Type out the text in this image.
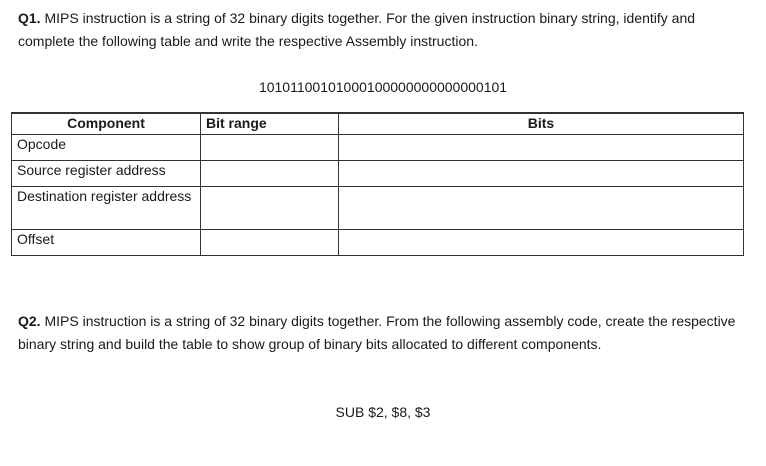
Q1. MIPS instruction is a string of 32 binary digits together. For the given instruction binary string, identify and complete the following table and write the respective Assembly instruction.

10101100101000100000000000000101

Component	Bit range	Bits
Opcode		
Source register address		
Destination register address		
Offset		

Q2. MIPS instruction is a string of 32 binary digits together. From the following assembly code, create the respective binary string and build the table to show group of binary bits allocated to different components.

SUB $2, $8, $3
